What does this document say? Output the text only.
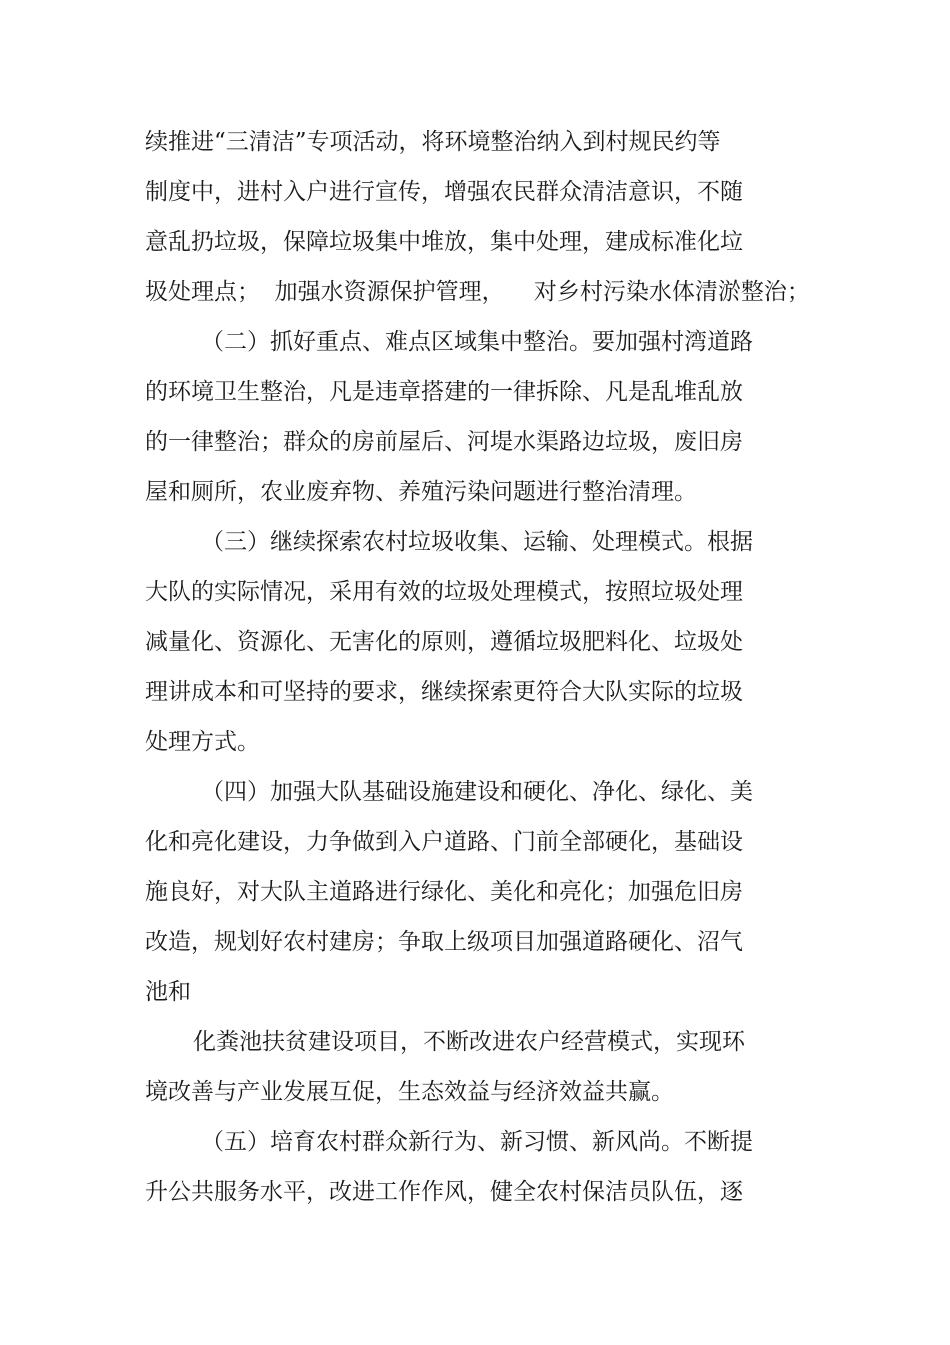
续推进“三清洁”专项活动，将环境整治纳入到村规民约等
制度中，进村入户进行宣传，增强农民群众清洁意识，不随
意乱扔垃圾，保障垃圾集中堆放，集中处理，建成标准化垃
圾处理点；  加强水资源保护管理，    对乡村污染水体清淤整治；
（二）抓好重点、难点区域集中整治。要加强村湾道路
的环境卫生整治，凡是违章搭建的一律拆除、凡是乱堆乱放
的一律整治；群众的房前屋后、河堤水渠路边垃圾，废旧房
屋和厕所，农业废弃物、养殖污染问题进行整治清理。
（三）继续探索农村垃圾收集、运输、处理模式。根据
大队的实际情况，采用有效的垃圾处理模式，按照垃圾处理
减量化、资源化、无害化的原则，遵循垃圾肥料化、垃圾处
理讲成本和可坚持的要求，继续探索更符合大队实际的垃圾
处理方式。
（四）加强大队基础设施建设和硬化、净化、绿化、美
化和亮化建设，力争做到入户道路、门前全部硬化，基础设
施良好，对大队主道路进行绿化、美化和亮化；加强危旧房
改造，规划好农村建房；争取上级项目加强道路硬化、沼气
池和
化粪池扶贫建设项目，不断改进农户经营模式，实现环
境改善与产业发展互促，生态效益与经济效益共赢。
（五）培育农村群众新行为、新习惯、新风尚。不断提
升公共服务水平，改进工作作风，健全农村保洁员队伍，逐
